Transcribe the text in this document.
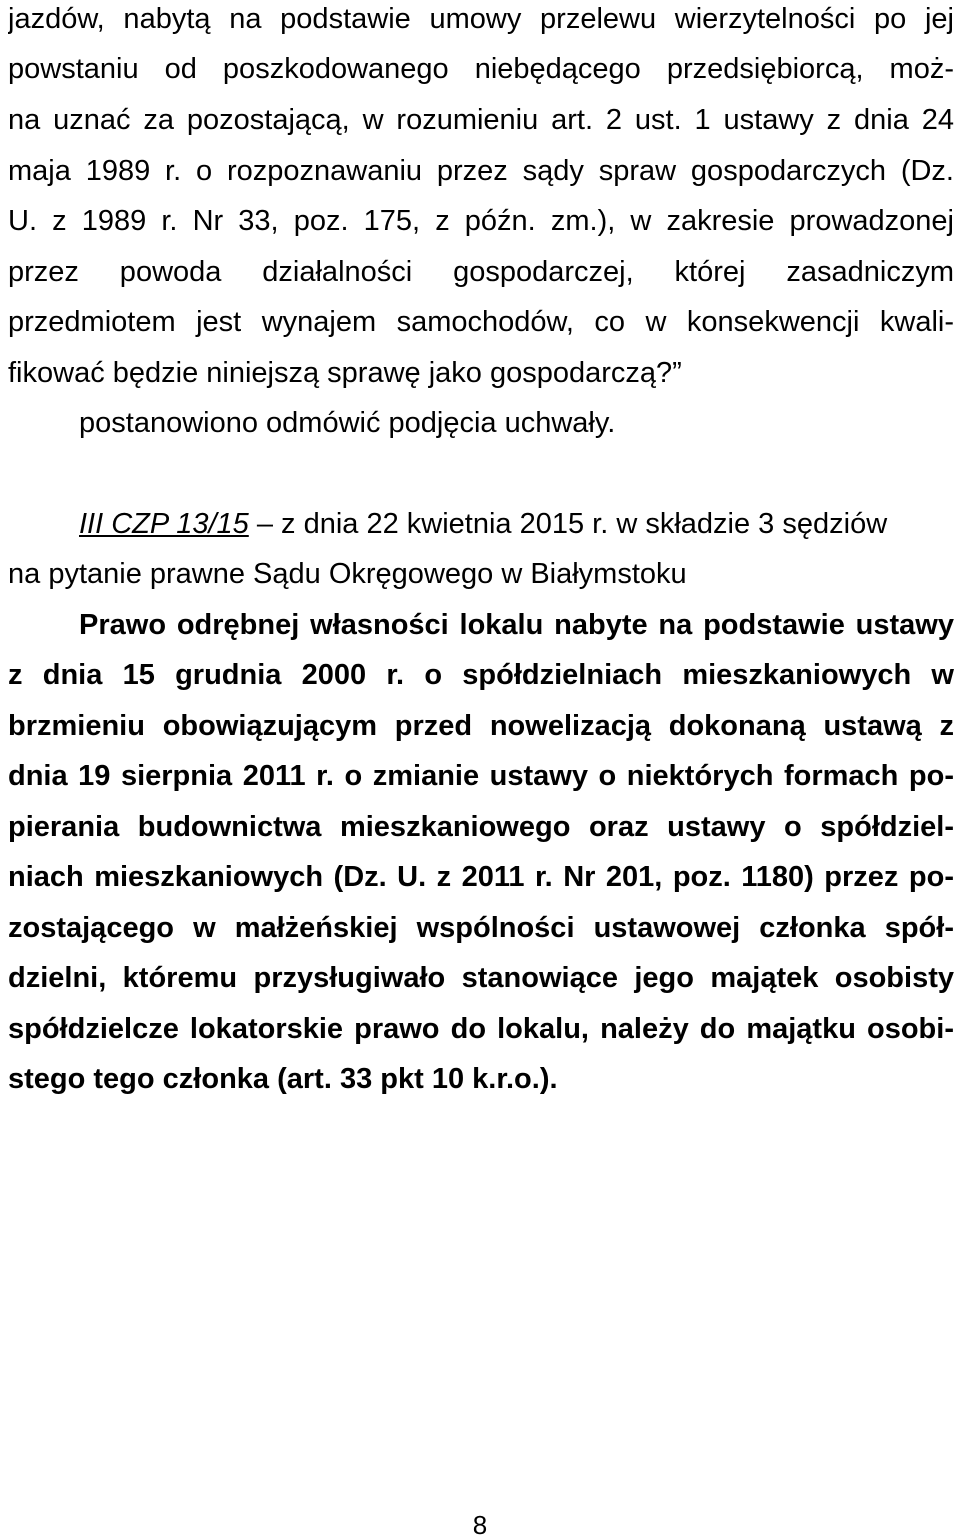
jazdów, nabytą na podstawie umowy przelewu wierzytelności po jej
powstaniu od poszkodowanego niebędącego przedsiębiorcą, moż-
na uznać za pozostającą, w rozumieniu art. 2 ust. 1 ustawy z dnia 24
maja 1989 r. o rozpoznawaniu przez sądy spraw gospodarczych (Dz.
U. z 1989 r. Nr 33, poz. 175, z późn. zm.), w zakresie prowadzonej
przez powoda działalności gospodarczej, której zasadniczym
przedmiotem jest wynajem samochodów, co w konsekwencji kwali-
fikować będzie niniejszą sprawę jako gospodarczą?”
postanowiono odmówić podjęcia uchwały.
III CZP 13/15 – z dnia 22 kwietnia 2015 r. w składzie 3 sędziów
na pytanie prawne Sądu Okręgowego w Białymstoku
Prawo odrębnej własności lokalu nabyte na podstawie ustawy
z dnia 15 grudnia 2000 r. o spółdzielniach mieszkaniowych w
brzmieniu obowiązującym przed nowelizacją dokonaną ustawą z
dnia 19 sierpnia 2011 r. o zmianie ustawy o niektórych formach po-
pierania budownictwa mieszkaniowego oraz ustawy o spółdziel-
niach mieszkaniowych (Dz. U. z 2011 r. Nr 201, poz. 1180) przez po-
zostającego w małżeńskiej wspólności ustawowej członka spół-
dzielni, któremu przysługiwało stanowiące jego majątek osobisty
spółdzielcze lokatorskie prawo do lokalu, należy do majątku osobi-
stego tego członka (art. 33 pkt 10 k.r.o.).
8
